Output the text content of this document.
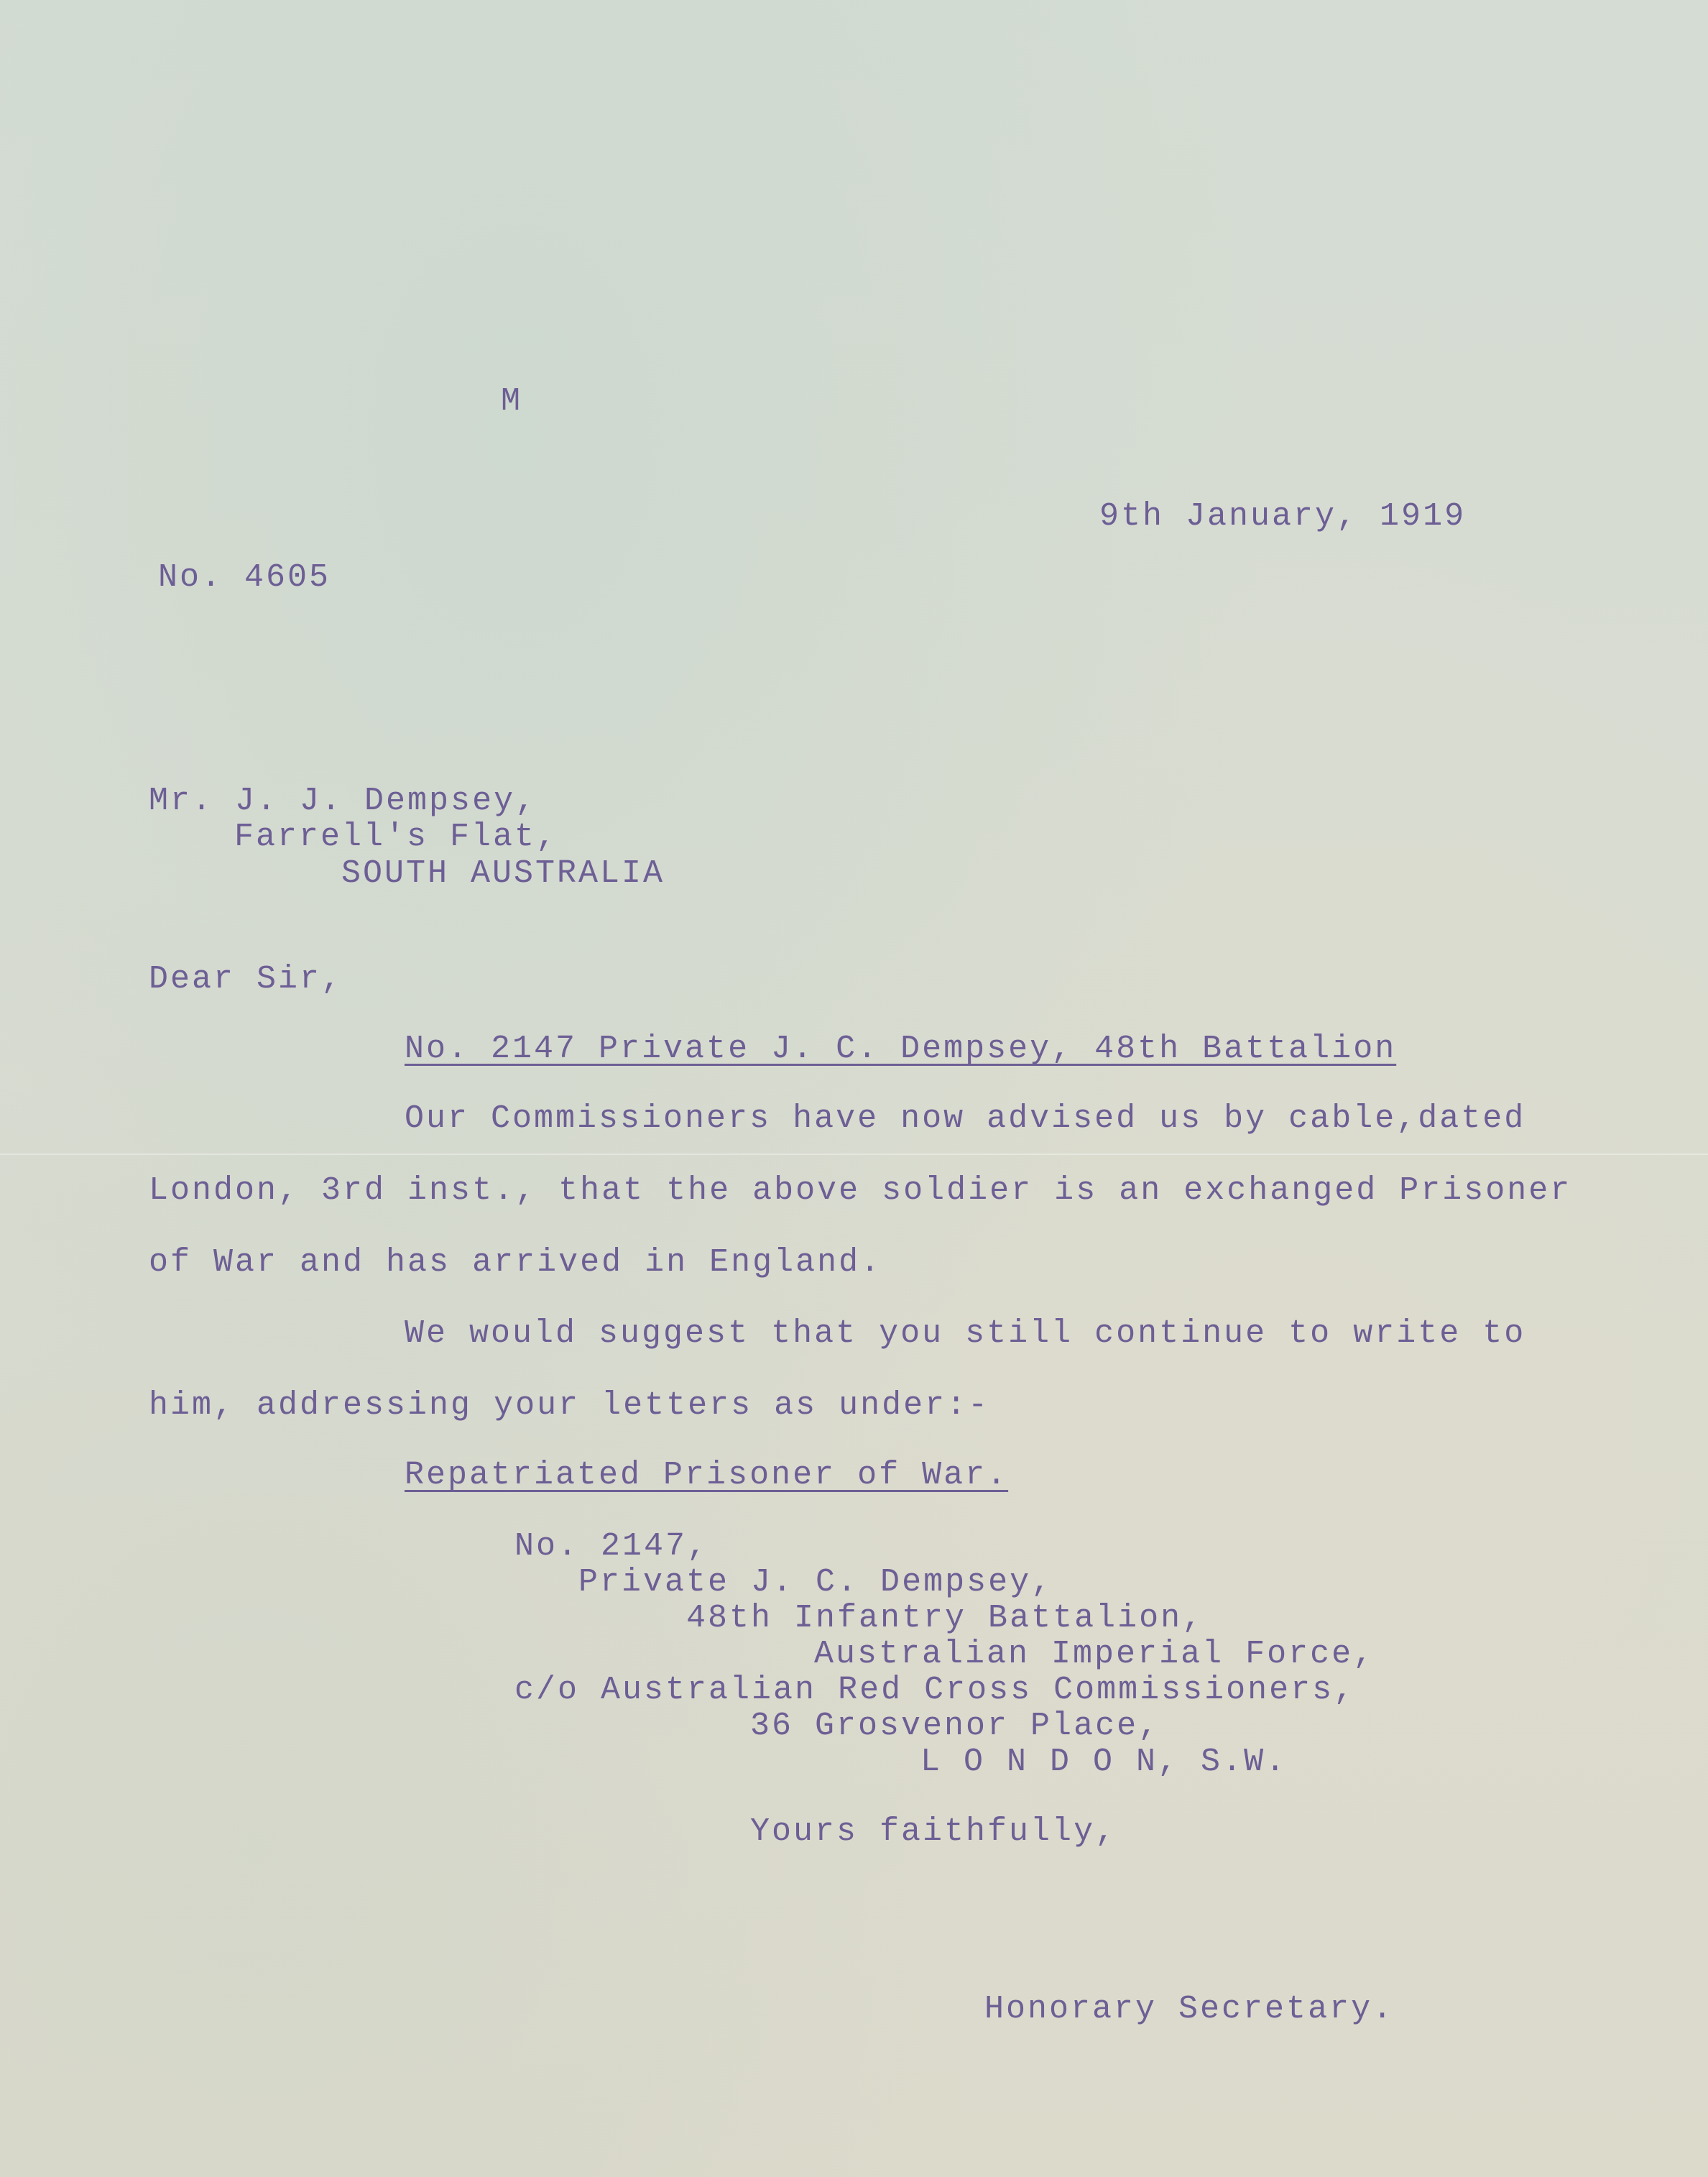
M
9th January, 1919
No. 4605
Mr. J. J. Dempsey,
Farrell's Flat,
SOUTH AUSTRALIA
Dear Sir,
No. 2147 Private J. C. Dempsey, 48th Battalion
Our Commissioners have now advised us by cable,dated
London, 3rd inst., that the above soldier is an exchanged Prisoner
of War and has arrived in England.
We would suggest that you still continue to write to
him, addressing your letters as under:-
Repatriated Prisoner of War.
No. 2147,
Private J. C. Dempsey,
48th Infantry Battalion,
Australian Imperial Force,
c/o Australian Red Cross Commissioners,
36 Grosvenor Place,
L O N D O N, S.W.
Yours faithfully,
Honorary Secretary.
